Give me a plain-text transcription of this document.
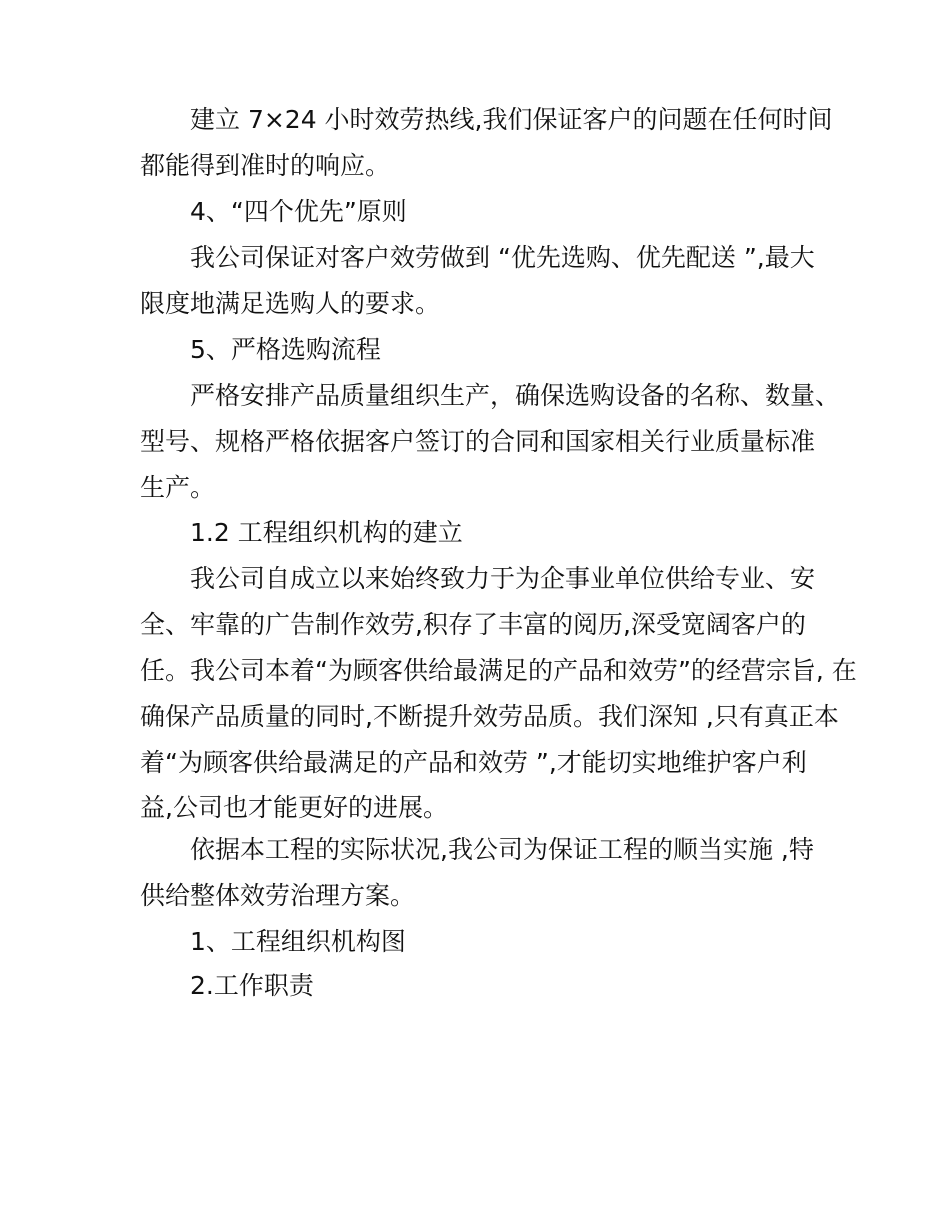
建立 7×24 小时效劳热线,我们保证客户的问题在任何时间
都能得到准时的响应。
4、“四个优先”原则
我公司保证对客户效劳做到 “优先选购、优先配送 ”,最大
限度地满足选购人的要求。
5、严格选购流程
严格安排产品质量组织生产，确保选购设备的名称、数量、
型号、规格严格依据客户签订的合同和国家相关行业质量标准
生产。
1.2 工程组织机构的建立
我公司自成立以来始终致力于为企事业单位供给专业、安
全、牢靠的广告制作效劳,积存了丰富的阅历,深受宽阔客户的
任。我公司本着“为顾客供给最满足的产品和效劳”的经营宗旨, 在
确保产品质量的同时,不断提升效劳品质。我们深知 ,只有真正本
着“为顾客供给最满足的产品和效劳 ”,才能切实地维护客户利
益,公司也才能更好的进展。
依据本工程的实际状况,我公司为保证工程的顺当实施 ,特
供给整体效劳治理方案。
1、工程组织机构图
2.工作职责
